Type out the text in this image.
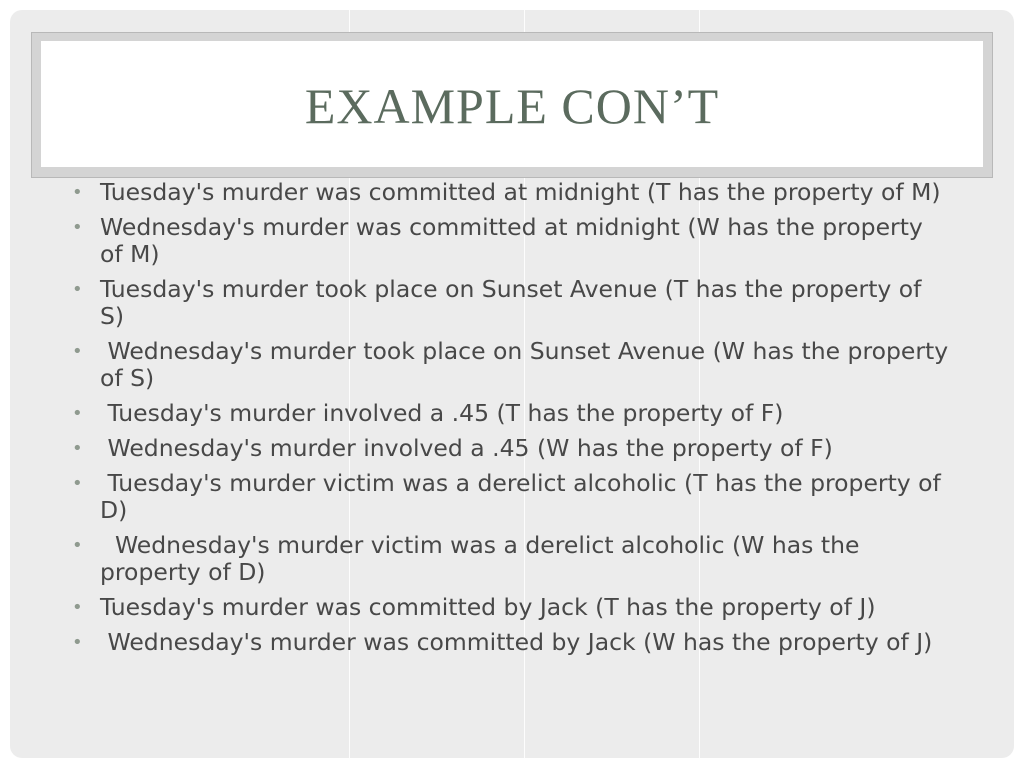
EXAMPLE CON’T
• Tuesday's murder was committed at midnight (T has the property of M)
• Wednesday's murder was committed at midnight (W has the property of M)
• Tuesday's murder took place on Sunset Avenue (T has the property of S)
• Wednesday's murder took place on Sunset Avenue (W has the property of S)
• Tuesday's murder involved a .45 (T has the property of F)
• Wednesday's murder involved a .45 (W has the property of F)
• Tuesday's murder victim was a derelict alcoholic (T has the property of D)
• Wednesday's murder victim was a derelict alcoholic (W has the property of D)
• Tuesday's murder was committed by Jack (T has the property of J)
• Wednesday's murder was committed by Jack (W has the property of J)
